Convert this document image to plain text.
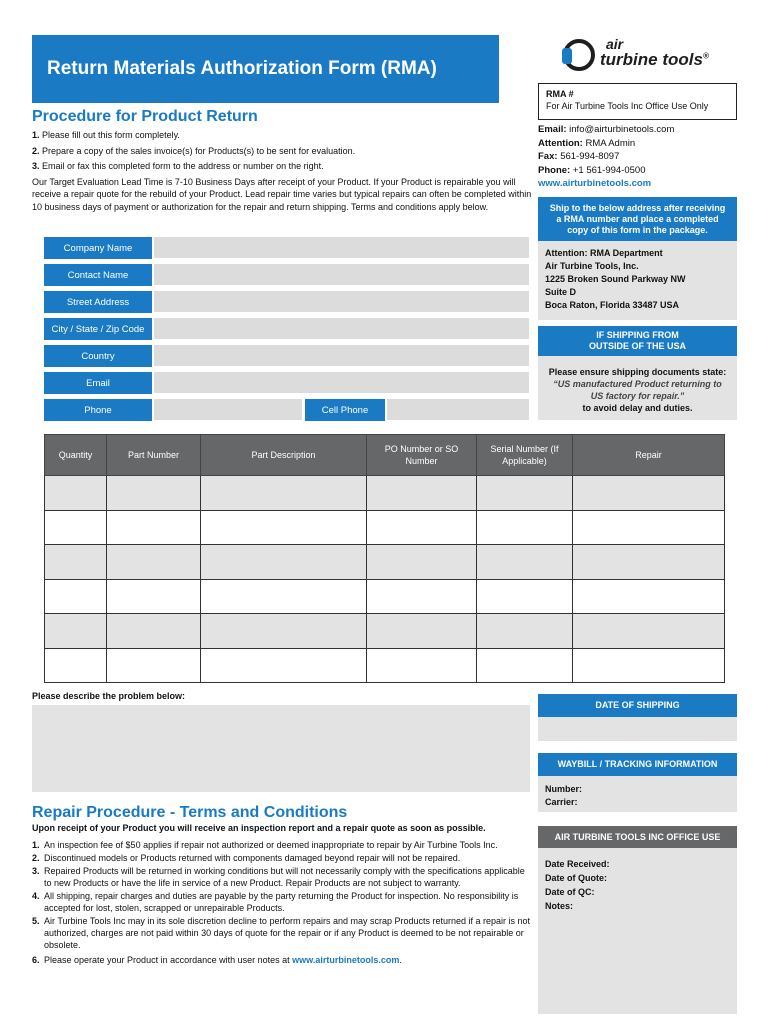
Return Materials Authorization Form (RMA)
air
turbine tools®
RMA #
For Air Turbine Tools Inc Office Use Only
Procedure for Product Return

1. Please fill out this form completely.

2. Prepare a copy of the sales invoice(s) for Products(s) to be sent for evaluation.

3. Email or fax this completed form to the address or number on the right.

Our Target Evaluation Lead Time is 7-10 Business Days after receipt of your Product. If your Product is repairable you will receive a repair quote for the rebuild of your Product. Lead repair time varies but typical repairs can often be completed within 10 business days of payment or authorization for the repair and return shipping. Terms and conditions apply below.

Company Name
Contact Name
Street Address
City / State / Zip Code
Country
Email
Phone	Cell Phone
Email: info@airturbinetools.com
Attention: RMA Admin
Fax: 561-994-8097
Phone: +1 561-994-0500
www.airturbinetools.com
Ship to the below address after receiving a RMA number and place a completed copy of this form in the package.
Attention: RMA Department
Air Turbine Tools, Inc.
1225 Broken Sound Parkway NW
Suite D
Boca Raton, Florida 33487 USA
IF SHIPPING FROM
OUTSIDE OF THE USA
Please ensure shipping documents state:
“US manufactured Product returning to US factory for repair.”
to avoid delay and duties.
Quantity	Part Number	Part Description	PO Number or SO Number	Serial Number (If Applicable)	Repair

Please describe the problem below:
DATE OF SHIPPING
WAYBILL / TRACKING INFORMATION
Number:
Carrier:
AIR TURBINE TOOLS INC OFFICE USE
Date Received:
Date of Quote:
Date of QC:
Notes:
Repair Procedure - Terms and Conditions
Upon receipt of your Product you will receive an inspection report and a repair quote as soon as possible.
1. An inspection fee of $50 applies if repair not authorized or deemed inappropriate to repair by Air Turbine Tools Inc.
2. Discontinued models or Products returned with components damaged beyond repair will not be repaired.
3. Repaired Products will be returned in working conditions but will not necessarily comply with the specifications applicable to new Products or have the life in service of a new Product. Repair Products are not subject to warranty.
4. All shipping, repair charges and duties are payable by the party returning the Product for inspection. No responsibility is accepted for lost, stolen, scrapped or unrepairable Products.
5. Air Turbine Tools Inc may in its sole discretion decline to perform repairs and may scrap Products returned if a repair is not authorized, charges are not paid within 30 days of quote for the repair or if any Product is deemed to be not repairable or obsolete.
6. Please operate your Product in accordance with user notes at www.airturbinetools.com.
